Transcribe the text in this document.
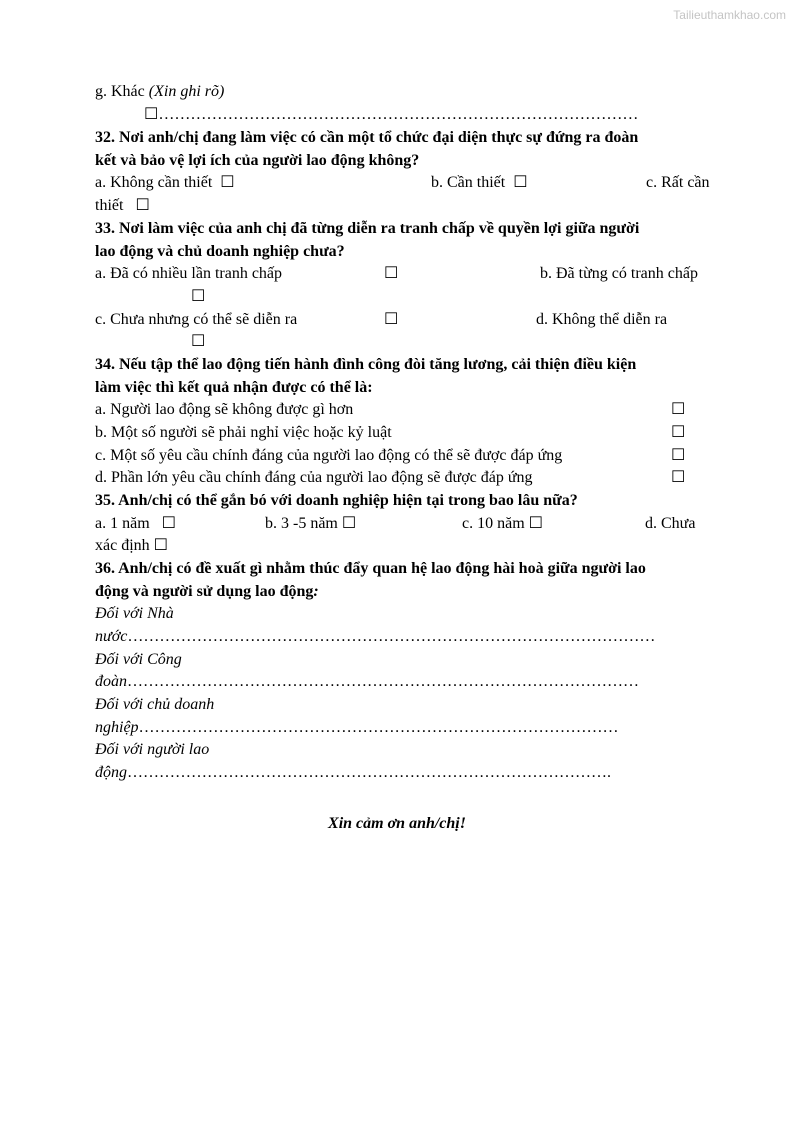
Tailieuthamkhao.com
g. Khác (Xin ghi rõ)
☐………………………………………………………………………………
32. Nơi anh/chị đang làm việc có cần một tổ chức đại diện thực sự đứng ra đoàn
kết và bảo vệ lợi ích của người lao động không?
a. Không cần thiết ☐	b. Cần thiết ☐	c. Rất cần
thiết ☐
33. Nơi làm việc của anh chị đã từng diễn ra tranh chấp về quyền lợi giữa người
lao động và chủ doanh nghiệp chưa?
a. Đã có nhiều lần tranh chấp	☐	b. Đã từng có tranh chấp
☐
c. Chưa nhưng có thể sẽ diễn ra	☐	d. Không thể diễn ra
☐
34. Nếu tập thể lao động tiến hành đình công đòi tăng lương, cải thiện điều kiện
làm việc thì kết quả nhận được có thể là:
a. Người lao động sẽ không được gì hơn	☐
b. Một số người sẽ phải nghỉ việc hoặc kỷ luật	☐
c. Một số yêu cầu chính đáng của người lao động có thể sẽ được đáp ứng	☐
d. Phần lớn yêu cầu chính đáng của người lao động sẽ được đáp ứng	☐
35. Anh/chị có thể gắn bó với doanh nghiệp hiện tại trong bao lâu nữa?
a. 1 năm ☐	b. 3 -5 năm ☐	c. 10 năm ☐	d. Chưa
xác định ☐
36. Anh/chị có đề xuất gì nhằm thúc đẩy quan hệ lao động hài hoà giữa người lao
động và người sử dụng lao động:
Đối với Nhà
nước………………………………………………………………………………………
Đối với Công
đoàn……………………………………………………………………………………
Đối với chủ doanh
nghiệp………………………………………………………………………………
Đối với người lao
động……………………………………………………………………………….
Xin cảm ơn anh/chị!
